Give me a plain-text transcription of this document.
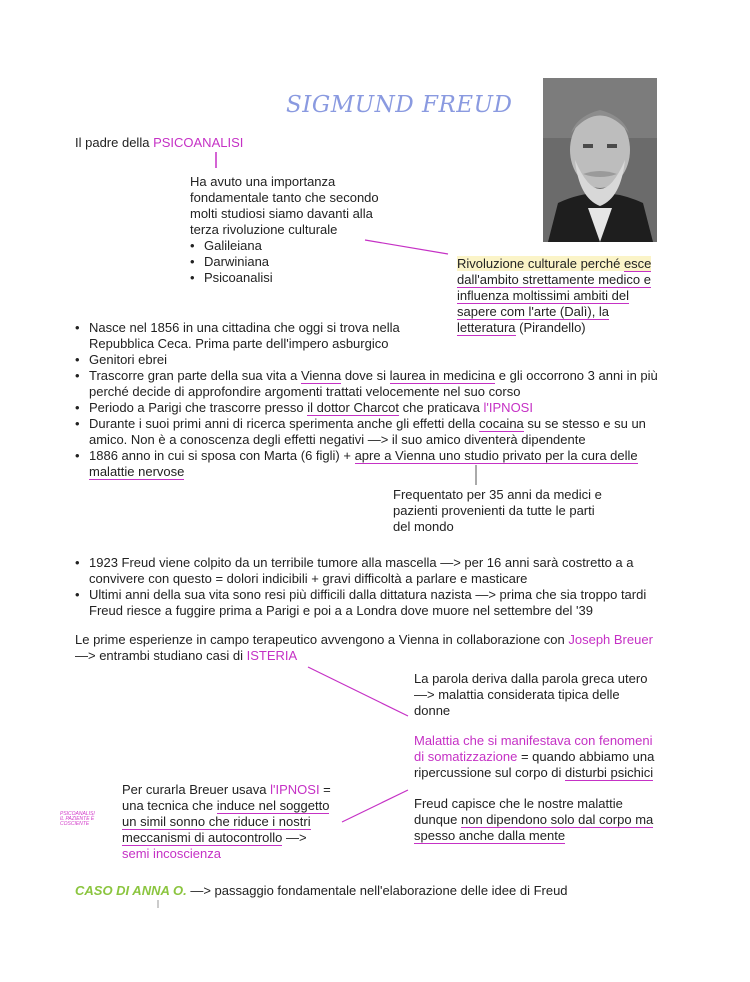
SIGMUND FREUD
Il padre della PSICOANALISI
Ha avuto una importanza
fondamentale tanto che secondo
molti studiosi siamo davanti alla
terza rivoluzione culturale
• Galileiana
• Darwiniana
• Psicoanalisi
Rivoluzione culturale perché esce
dall'ambito strettamente medico e
influenza moltissimi ambiti del
sapere com l'arte (Dalì), la
letteratura (Pirandello)
• Nasce nel 1856 in una cittadina che oggi si trova nella
Repubblica Ceca. Prima parte dell'impero asburgico
• Genitori ebrei
• Trascorre gran parte della sua vita a Vienna dove si laurea in medicina e gli occorrono 3 anni in più
perché decide di approfondire argomenti trattati velocemente nel suo corso
• Periodo a Parigi che trascorre presso il dottor Charcot che praticava l'IPNOSI
• Durante i suoi primi anni di ricerca sperimenta anche gli effetti della cocaina su se stesso e su un
amico. Non è a conoscenza degli effetti negativi —> il suo amico diventerà dipendente
• 1886 anno in cui si sposa con Marta (6 figli) + apre a Vienna uno studio privato per la cura delle
malattie nervose
Frequentato per 35 anni da medici e
pazienti provenienti da tutte le parti
del mondo
• 1923 Freud viene colpito da un terribile tumore alla mascella —> per 16 anni sarà costretto a a
convivere con questo = dolori indicibili + gravi difficoltà a parlare e masticare
• Ultimi anni della sua vita sono resi più difficili dalla dittatura nazista —> prima che sia troppo tardi
Freud riesce a fuggire prima a Parigi e poi a a Londra dove muore nel settembre del '39
Le prime esperienze in campo terapeutico avvengono a Vienna in collaborazione con Joseph Breuer
—> entrambi studiano casi di ISTERIA
La parola deriva dalla parola greca utero
—> malattia considerata tipica delle
donne
Malattia che si manifestava con fenomeni
di somatizzazione = quando abbiamo una
ripercussione sul corpo di disturbi psichici
Freud capisce che le nostre malattie
dunque non dipendono solo dal corpo ma
spesso anche dalla mente
Per curarla Breuer usava l'IPNOSI =
una tecnica che induce nel soggetto
un simil sonno che riduce i nostri
meccanismi di autocontrollo —>
semi incoscienza
PSICOANALISI
IL PAZIENTE È
COSCIENTE
CASO DI ANNA O. —> passaggio fondamentale nell'elaborazione delle idee di Freud
